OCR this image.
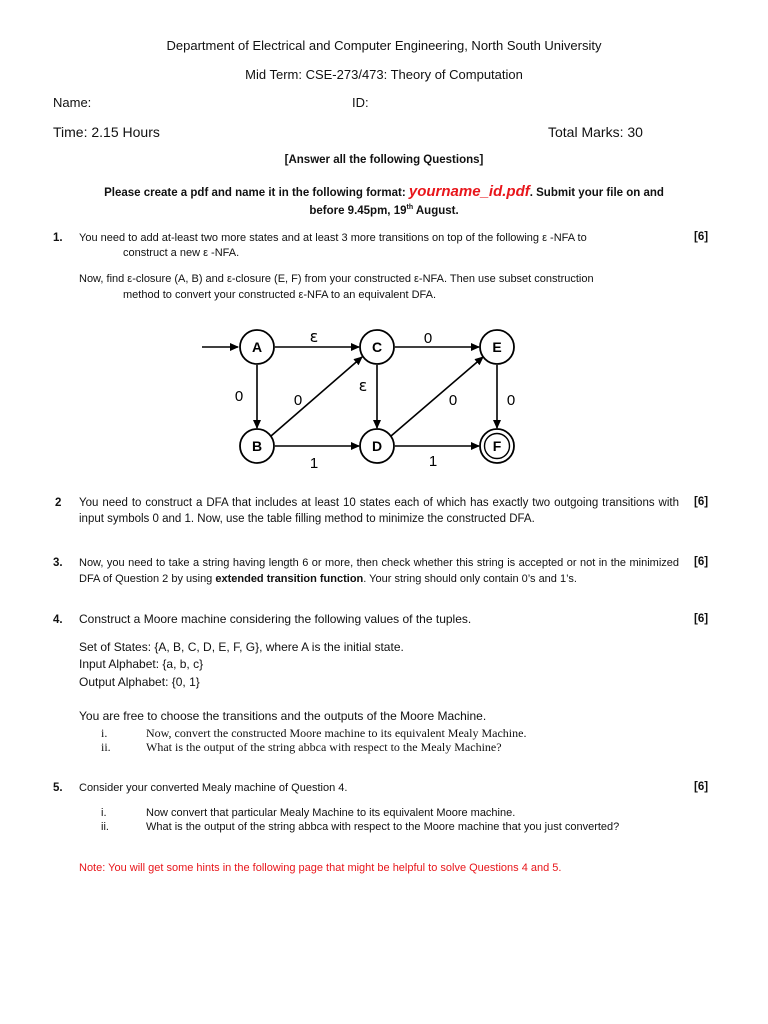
Department of Electrical and Computer Engineering, North South University
Mid Term: CSE-273/473: Theory of Computation
Name:	ID:
Time: 2.15 Hours	Total Marks: 30
[Answer all the following Questions]
Please create a pdf and name it in the following format: yourname_id.pdf. Submit your file on and
before 9.45pm, 19th August.
1. You need to add at-least two more states and at least 3 more transitions on top of the following ε -NFA to	[6]
construct a new ε -NFA.
Now, find ε-closure (A, B) and ε-closure (E, F) from your constructed ε-NFA. Then use subset construction
method to convert your constructed ε-NFA to an equivalent DFA.
A
B
C
D
E
F
ε	0
0	0
ε
0	0
1	1
2 You need to construct a DFA that includes at least 10 states each of which has exactly two outgoing transitions with input symbols 0 and 1. Now, use the table filling method to minimize the constructed DFA.
[6]
3. Now, you need to take a string having length 6 or more, then check whether this string is accepted or not in the minimized DFA of Question 2 by using extended transition function. Your string should only contain 0’s and 1’s.
[6]
4. Construct a Moore machine considering the following values of the tuples.	[6]
Set of States: {A, B, C, D, E, F, G}, where A is the initial state.
Input Alphabet: {a, b, c}
Output Alphabet: {0, 1}
You are free to choose the transitions and the outputs of the Moore Machine.
i.	Now, convert the constructed Moore machine to its equivalent Mealy Machine.
ii.	What is the output of the string abbca with respect to the Mealy Machine?
5. Consider your converted Mealy machine of Question 4.	[6]
i.	Now convert that particular Mealy Machine to its equivalent Moore machine.
ii.	What is the output of the string abbca with respect to the Moore machine that you just converted?
Note: You will get some hints in the following page that might be helpful to solve Questions 4 and 5.
